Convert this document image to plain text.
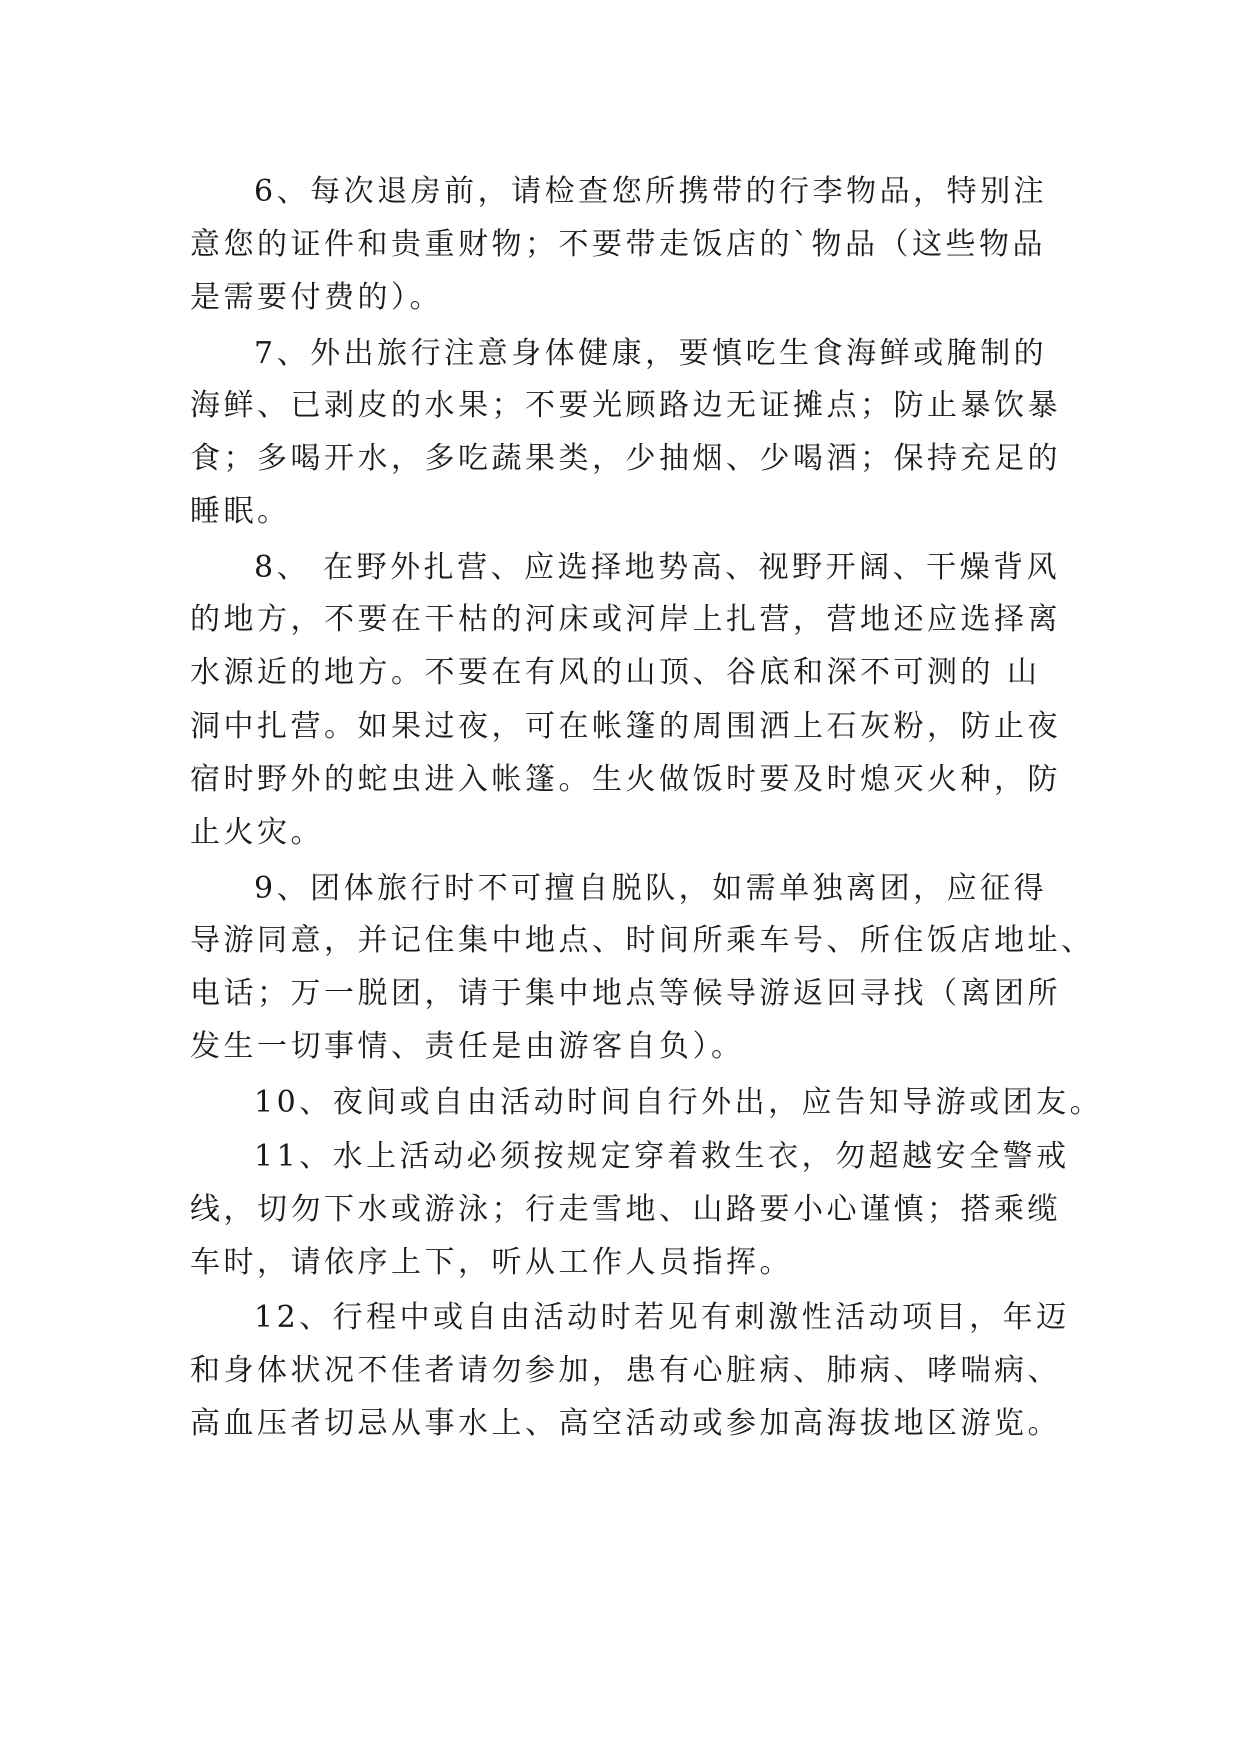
6、每次退房前，请检查您所携带的行李物品，特别注
意您的证件和贵重财物；不要带走饭店的`物品（这些物品
是需要付费的）。
7、外出旅行注意身体健康，要慎吃生食海鲜或腌制的
海鲜、已剥皮的水果；不要光顾路边无证摊点；防止暴饮暴
食；多喝开水，多吃蔬果类，少抽烟、少喝酒；保持充足的
睡眠。
8、 在野外扎营、应选择地势高、视野开阔、干燥背风
的地方，不要在干枯的河床或河岸上扎营，营地还应选择离
水源近的地方。不要在有风的山顶、谷底和深不可测的 山
洞中扎营。如果过夜，可在帐篷的周围洒上石灰粉，防止夜
宿时野外的蛇虫进入帐篷。生火做饭时要及时熄灭火种，防
止火灾。
9、团体旅行时不可擅自脱队，如需单独离团，应征得
导游同意，并记住集中地点、时间所乘车号、所住饭店地址、
电话；万一脱团，请于集中地点等候导游返回寻找（离团所
发生一切事情、责任是由游客自负）。
10、夜间或自由活动时间自行外出，应告知导游或团友。
11、水上活动必须按规定穿着救生衣，勿超越安全警戒
线，切勿下水或游泳；行走雪地、山路要小心谨慎；搭乘缆
车时，请依序上下，听从工作人员指挥。
12、行程中或自由活动时若见有刺激性活动项目，年迈
和身体状况不佳者请勿参加，患有心脏病、肺病、哮喘病、
高血压者切忌从事水上、高空活动或参加高海拔地区游览。
